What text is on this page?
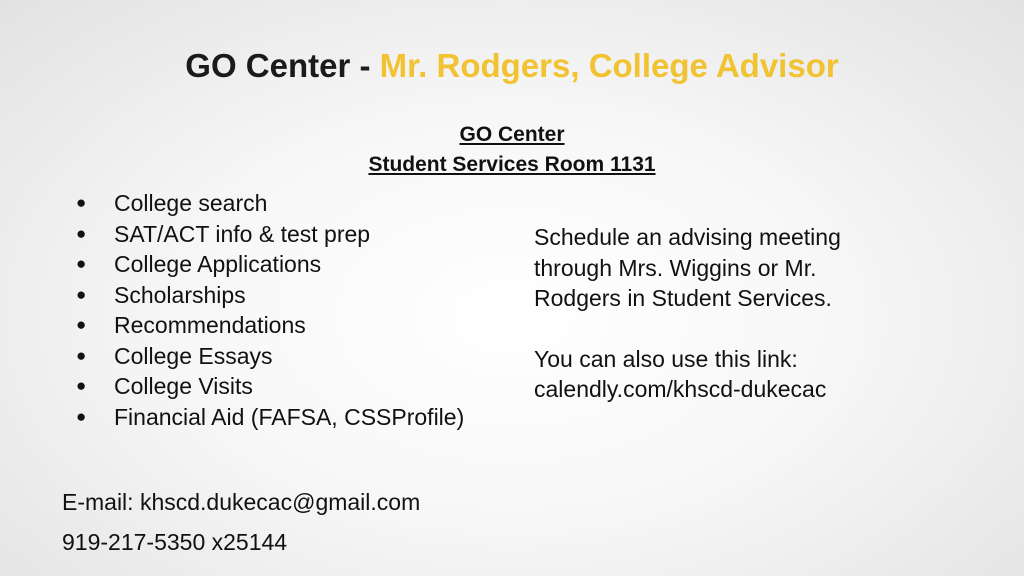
GO Center - Mr. Rodgers, College Advisor
GO Center
Student Services Room 1131
● College search
● SAT/ACT info & test prep
● College Applications
● Scholarships
● Recommendations
● College Essays
● College Visits
● Financial Aid (FAFSA, CSSProfile)

Schedule an advising meeting

through Mrs. Wiggins or Mr.

Rodgers in Student Services.

You can also use this link:

calendly.com/khscd-dukecac

E-mail: khscd.dukecac@gmail.com
919-217-5350 x25144
